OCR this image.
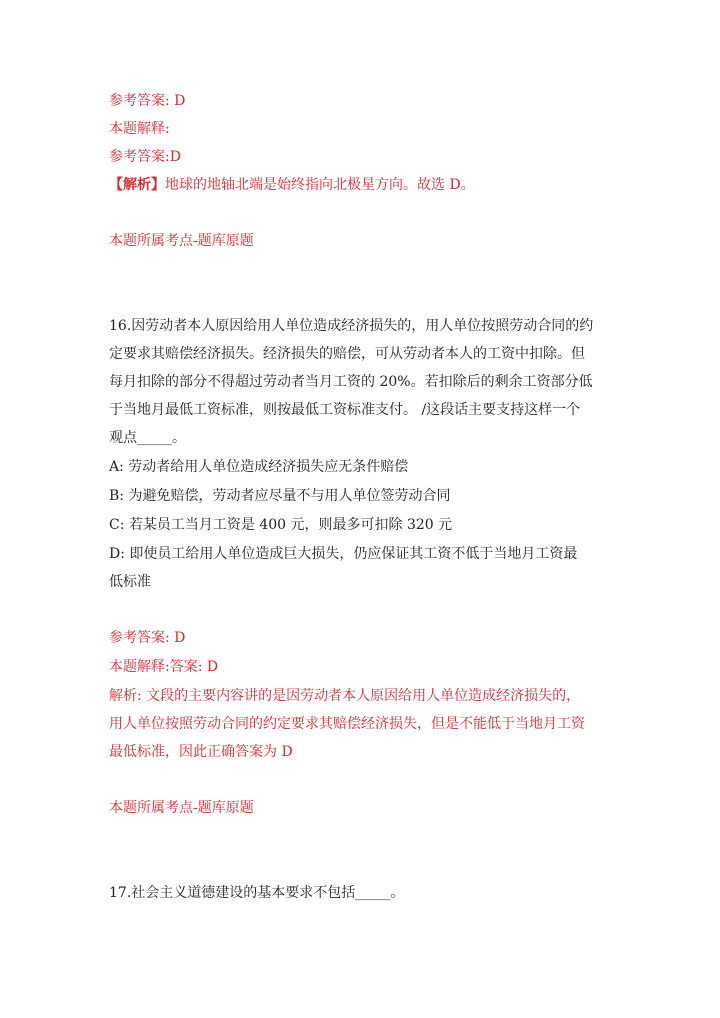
参考答案: D
本题解释:
参考答案:D
【解析】地球的地轴北端是始终指向北极星方向。故选 D。
本题所属考点-题库原题
16.因劳动者本人原因给用人单位造成经济损失的，用人单位按照劳动合同的约
定要求其赔偿经济损失。经济损失的赔偿，可从劳动者本人的工资中扣除。但
每月扣除的部分不得超过劳动者当月工资的 20%。若扣除后的剩余工资部分低
于当地月最低工资标准，则按最低工资标准支付。 /这段话主要支持这样一个
观点_____。
A: 劳动者给用人单位造成经济损失应无条件赔偿
B: 为避免赔偿，劳动者应尽量不与用人单位签劳动合同
C: 若某员工当月工资是 400 元，则最多可扣除 320 元
D: 即使员工给用人单位造成巨大损失，仍应保证其工资不低于当地月工资最
低标准
参考答案: D
本题解释:答案: D
解析: 文段的主要内容讲的是因劳动者本人原因给用人单位造成经济损失的，
用人单位按照劳动合同的约定要求其赔偿经济损失，但是不能低于当地月工资
最低标准，因此正确答案为 D
本题所属考点-题库原题
17.社会主义道德建设的基本要求不包括_____。
